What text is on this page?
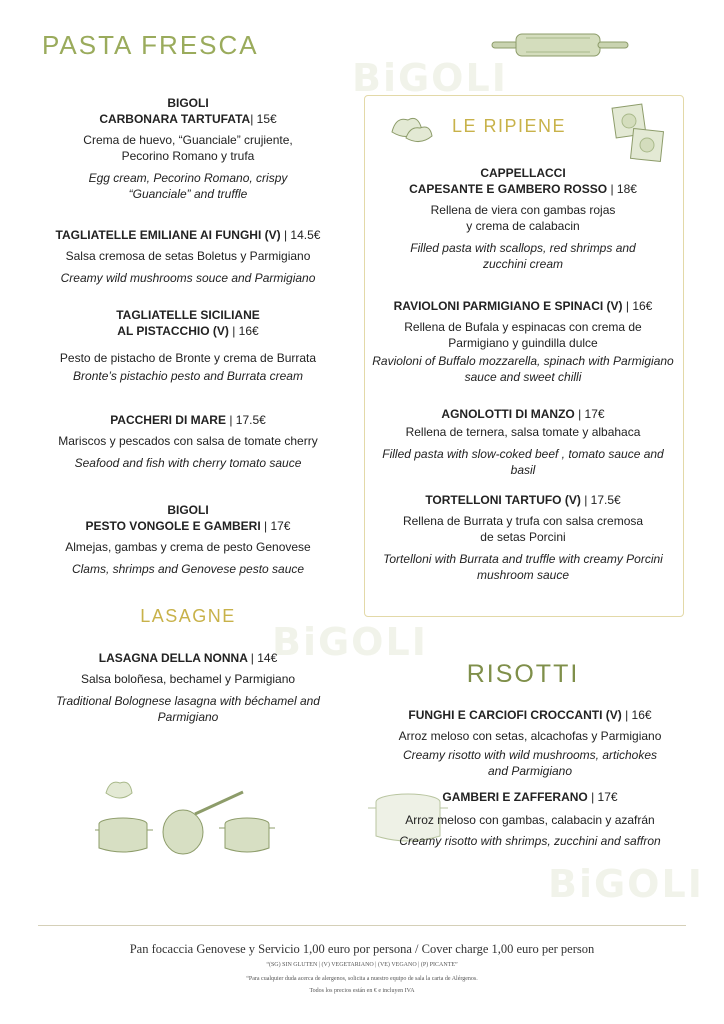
BiGOLI
BiGOLI
BiGOLI
PASTA FRESCA
BIGOLI
CARBONARA TARTUFATA| 15€
Crema de huevo, “Guanciale” crujiente, Pecorino Romano y trufa
Egg cream, Pecorino Romano, crispy “Guanciale” and truffle
TAGLIATELLE EMILIANE AI FUNGHI (V) | 14.5€
Salsa cremosa de setas Boletus y Parmigiano
Creamy wild mushrooms souce and Parmigiano
TAGLIATELLE SICILIANE
AL PISTACCHIO (V) | 16€
Pesto de pistacho de Bronte y crema de Burrata
Bronte’s pistachio pesto and Burrata cream
PACCHERI DI MARE | 17.5€
Mariscos y pescados con salsa de tomate cherry
Seafood and fish with cherry tomato sauce
BIGOLI
PESTO VONGOLE E GAMBERI | 17€
Almejas, gambas y crema de pesto Genovese
Clams, shrimps and Genovese pesto sauce
LASAGNE
LASAGNA DELLA NONNA | 14€
Salsa boloñesa, bechamel y Parmigiano
Traditional Bolognese lasagna with béchamel and Parmigiano
LE RIPIENE
CAPPELLACCI
CAPESANTE E GAMBERO ROSSO | 18€
Rellena de viera con gambas rojas y crema de calabacin
Filled pasta with scallops, red shrimps and zucchini cream
RAVIOLONI PARMIGIANO E SPINACI (V) | 16€
Rellena de Bufala y espinacas con crema de Parmigiano y guindilla dulce
Ravioloni of Buffalo mozzarella, spinach with Parmigiano sauce and sweet chilli
AGNOLOTTI DI MANZO | 17€
Rellena de ternera, salsa tomate y albahaca
Filled pasta with slow-coked beef , tomato sauce and basil
TORTELLONI TARTUFO (V) | 17.5€
Rellena de Burrata y trufa con salsa cremosa de setas Porcini
Tortelloni with Burrata and truffle with creamy Porcini mushroom sauce
RISOTTI
FUNGHI E CARCIOFI CROCCANTI (V) | 16€
Arroz meloso con setas, alcachofas y Parmigiano
Creamy risotto with wild mushrooms, artichokes and Parmigiano
GAMBERI E ZAFFERANO | 17€
Arroz meloso con gambas, calabacin y azafrán
Creamy risotto with shrimps, zucchini and saffron
Pan focaccia Genovese y Servicio 1,00 euro por persona / Cover charge 1,00 euro per person
“(SG) SIN GLUTEN | (V) VEGETARIANO | (VE) VEGANO | (P) PICANTE”
“Para cualquier duda acerca de alergenos, solicita a nuestro equipo de sala la carta de Alérgenos.
Todos los precios están en € e incluyen IVA
